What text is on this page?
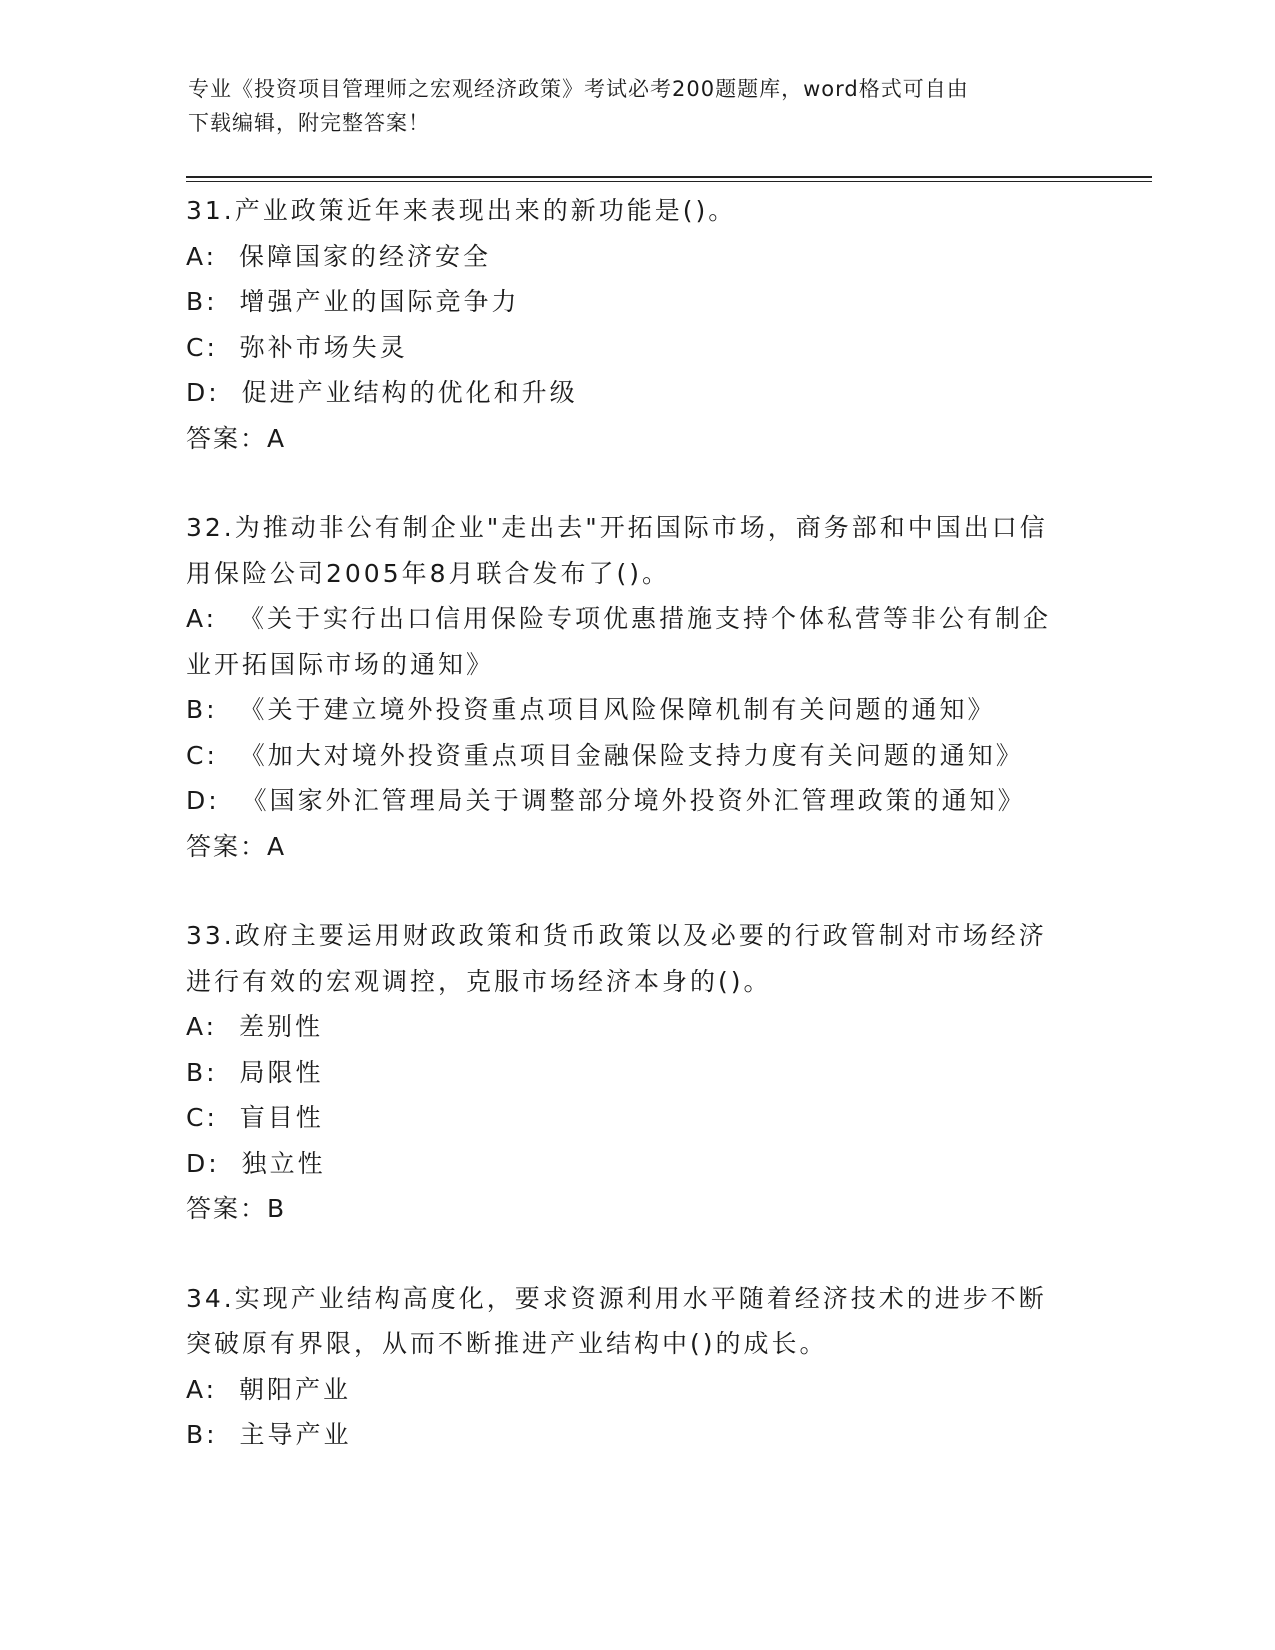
专业《投资项目管理师之宏观经济政策》考试必考200题题库，word格式可自由
下载编辑，附完整答案！

31.产业政策近年来表现出来的新功能是()。

A:  保障国家的经济安全

B:  增强产业的国际竞争力

C:  弥补市场失灵

D:  促进产业结构的优化和升级

答案：A

32.为推动非公有制企业"走出去"开拓国际市场，商务部和中国出口信

用保险公司2005年8月联合发布了()。

A:  《关于实行出口信用保险专项优惠措施支持个体私营等非公有制企

业开拓国际市场的通知》

B:  《关于建立境外投资重点项目风险保障机制有关问题的通知》

C:  《加大对境外投资重点项目金融保险支持力度有关问题的通知》

D:  《国家外汇管理局关于调整部分境外投资外汇管理政策的通知》

答案：A

33.政府主要运用财政政策和货币政策以及必要的行政管制对市场经济

进行有效的宏观调控，克服市场经济本身的()。

A:  差别性

B:  局限性

C:  盲目性

D:  独立性

答案：B

34.实现产业结构高度化，要求资源利用水平随着经济技术的进步不断

突破原有界限，从而不断推进产业结构中()的成长。

A:  朝阳产业

B:  主导产业
